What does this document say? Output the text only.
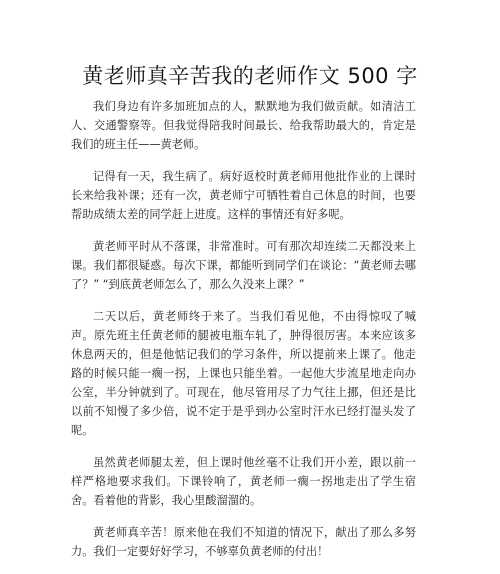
黄老师真辛苦我的老师作文 500 字

我们身边有许多加班加点的人，默默地为我们做贡献。如清洁工人、交通警察等。但我觉得陪我时间最长、给我帮助最大的，肯定是我们的班主任——黄老师。

记得有一天，我生病了。病好返校时黄老师用他批作业的上课时长来给我补课；还有一次，黄老师宁可牺牲着自己休息的时间，也要帮助成绩太差的同学赶上进度。这样的事情还有好多呢。

黄老师平时从不落课，非常准时。可有那次却连续二天都没来上课。我们都很疑惑。每次下课，都能听到同学们在谈论：“黄老师去哪了？” “到底黄老师怎么了，那么久没来上课？”

二天以后，黄老师终于来了。当我们看见他，不由得惊叹了喊声。原先班主任黄老师的腿被电瓶车轧了，肿得很厉害。本来应该多休息两天的，但是他惦记我们的学习条件，所以提前来上课了。他走路的时候只能一瘸一拐，上课也只能坐着。一起他大步流星地走向办公室，半分钟就到了。可现在，他尽管用尽了力气往上挪，但还是比以前不知慢了多少倍，说不定于是乎到办公室时汗水已经打湿头发了呢。

虽然黄老师腿太差，但上课时他丝毫不让我们开小差，跟以前一样严格地要求我们。下课铃响了，黄老师一瘸一拐地走出了学生宿舍。看着他的背影，我心里酸溜溜的。

黄老师真辛苦！原来他在我们不知道的情况下，献出了那么多努力。我们一定要好好学习，不够辜负黄老师的付出！
